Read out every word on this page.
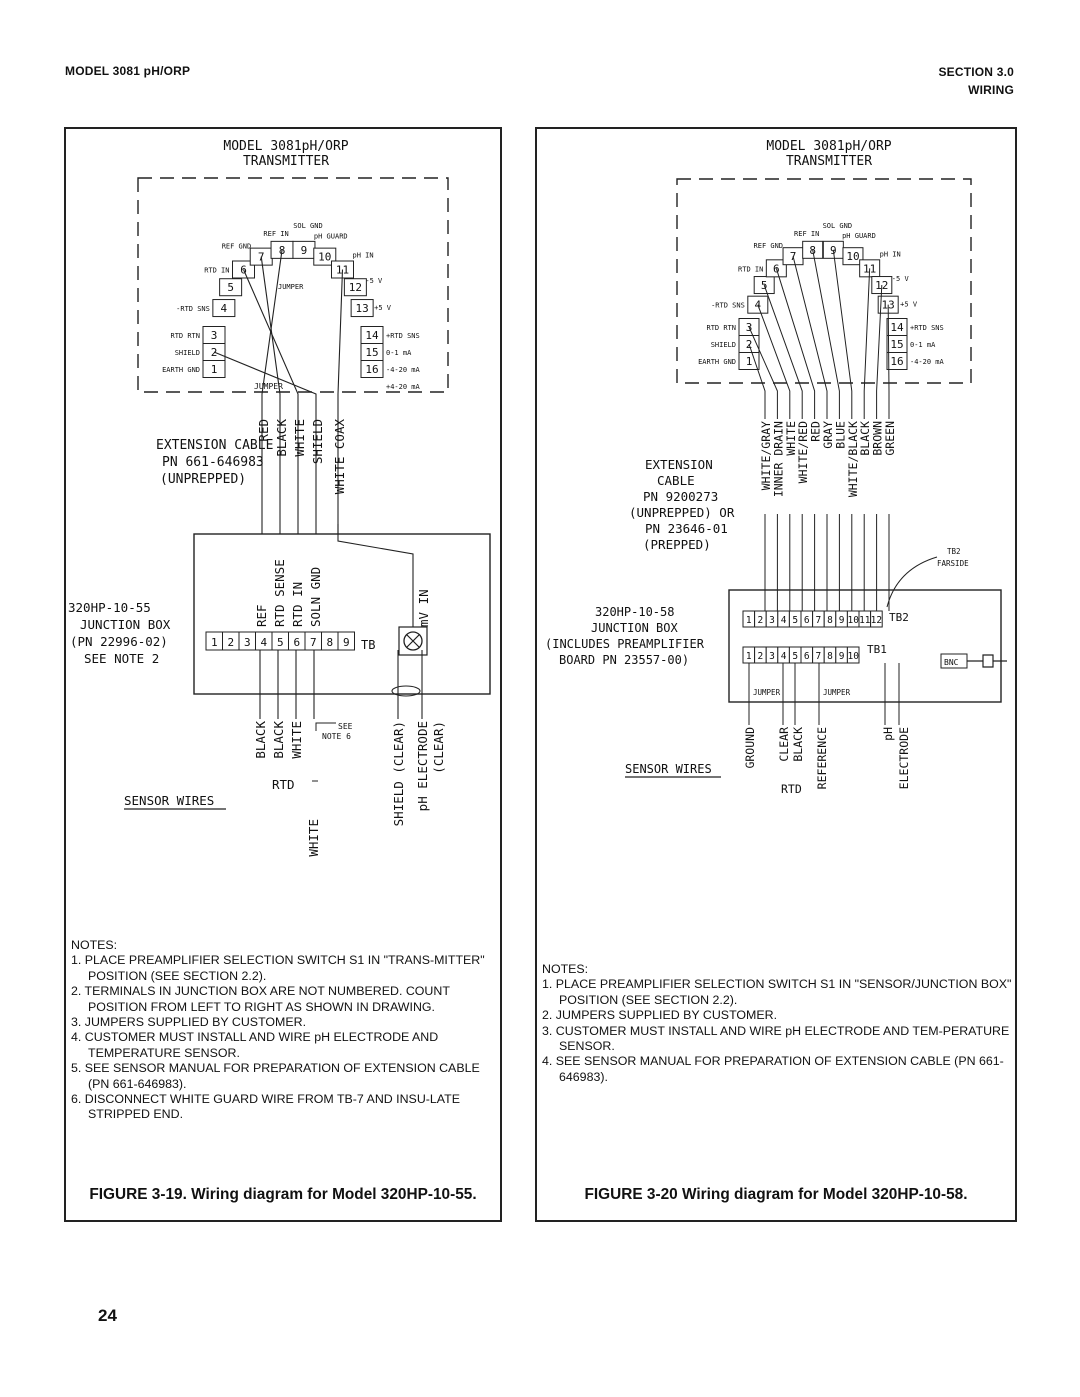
MODEL 3081 pH/ORP	SECTION 3.0
WIRING
MODEL 3081pH/ORP
TRANSMITTER
1
2
3
4
5
6
7
8 9
10
11
12
13
14
15
16
EARTH GND
SHIELD
RTD RTN
-RTD SNS
RTD IN
REF GND
REF IN
SOL GND
pH GUARD
pH IN
-5 V
+5 V
+RTD SNS
0-1 mA
-4-20 mA
+4-20 mA
JUMPER
JUMPER
EXTENSION CABLE
PN 661-646983
(UNPREPPED)
320HP-10-55
JUNCTION BOX
(PN 22996-02)
SEE NOTE 2
1 2 3 4 5 6 7 8 9 TB
REF RTD SENSE RTD IN SOLN GND	mV IN
RED BLACK WHITE SHIELD WHITE COAX
BLACK BLACK WHITE	SHIELD (CLEAR) pH ELECTRODE (CLEAR)
RTD
WHITE
SENSOR WIRES
SEE
NOTE 6
NOTES:
1. PLACE PREAMPLIFIER SELECTION SWITCH S1 IN "TRANS-MITTER" POSITION (SEE SECTION 2.2).
2. TERMINALS IN JUNCTION BOX ARE NOT NUMBERED. COUNT POSITION FROM LEFT TO RIGHT AS SHOWN IN DRAWING.
3. JUMPERS SUPPLIED BY CUSTOMER.
4. CUSTOMER MUST INSTALL AND WIRE pH ELECTRODE AND TEMPERATURE SENSOR.
5. SEE SENSOR MANUAL FOR PREPARATION OF EXTENSION CABLE (PN 661-646983).
6. DISCONNECT WHITE GUARD WIRE FROM TB-7 AND INSU-LATE STRIPPED END.
FIGURE 3-19. Wiring diagram for Model 320HP-10-55.
MODEL 3081pH/ORP
TRANSMITTER
1
2
3
4
5
6
7 8 9 10
11
12
13
14
15
16
EARTH GND
SHIELD
RTD RTN
-RTD SNS
RTD IN
REF GND
REF IN
SOL GND
pH GUARD
pH IN
-5 V
+5 V
+RTD SNS
0-1 mA
-4-20 mA
EXTENSION
CABLE
PN 9200273
(UNPREPPED) OR
PN 23646-01
(PREPPED)
WHITE/GRAY
INNER DRAIN
WHITE
WHITE/RED
RED
GRAY
BLUE
WHITE/BLACK
BLACK
BROWN
GREEN
TB2
FARSIDE
320HP-10-58
JUNCTION BOX
(INCLUDES PREAMPLIFIER
BOARD PN 23557-00)
1 2 3 4 5 6 7 8 9 10 11 12
1 2 3 4 5 6 7 8 9 10
TB2
TB1
BNC
JUMPER	JUMPER
GROUND CLEAR BLACK REFERENCE	pH ELECTRODE
RTD
SENSOR WIRES
NOTES:
1. PLACE PREAMPLIFIER SELECTION SWITCH S1 IN "SENSOR/JUNCTION BOX" POSITION (SEE SECTION 2.2).
2. JUMPERS SUPPLIED BY CUSTOMER.
3. CUSTOMER MUST INSTALL AND WIRE pH ELECTRODE AND TEM-PERATURE SENSOR.
4. SEE SENSOR MANUAL FOR PREPARATION OF EXTENSION CABLE (PN 661-646983).
FIGURE 3-20 Wiring diagram for Model 320HP-10-58.
24
